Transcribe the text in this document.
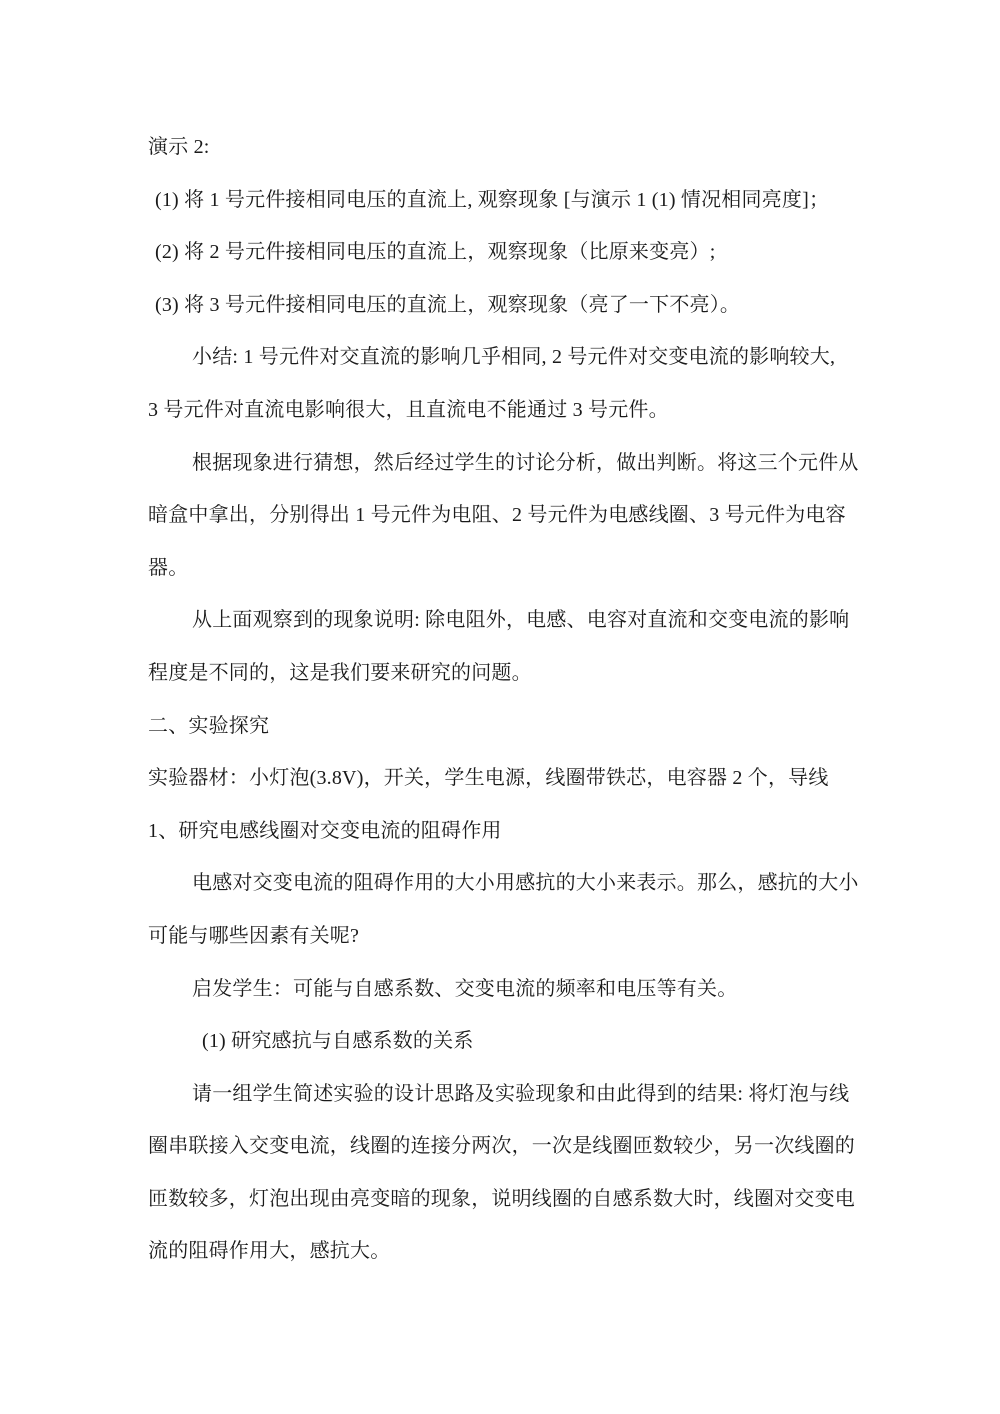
演示 2:
(1) 将 1 号元件接相同电压的直流上, 观察现象 [与演示 1 (1) 情况相同亮度]；
(2) 将 2 号元件接相同电压的直流上，观察现象（比原来变亮）;
(3) 将 3 号元件接相同电压的直流上，观察现象（亮了一下不亮）。
小结: 1 号元件对交直流的影响几乎相同, 2 号元件对交变电流的影响较大,
3 号元件对直流电影响很大，且直流电不能通过 3 号元件。
根据现象进行猜想，然后经过学生的讨论分析，做出判断。将这三个元件从
暗盒中拿出，分别得出 1 号元件为电阻、2 号元件为电感线圈、3 号元件为电容
器。
从上面观察到的现象说明: 除电阻外，电感、电容对直流和交变电流的影响
程度是不同的，这是我们要来研究的问题。
二、实验探究
实验器材：小灯泡(3.8V)，开关，学生电源，线圈带铁芯，电容器 2 个，导线
1、研究电感线圈对交变电流的阻碍作用
电感对交变电流的阻碍作用的大小用感抗的大小来表示。那么，感抗的大小
可能与哪些因素有关呢?
启发学生：可能与自感系数、交变电流的频率和电压等有关。
(1) 研究感抗与自感系数的关系
请一组学生简述实验的设计思路及实验现象和由此得到的结果: 将灯泡与线
圈串联接入交变电流，线圈的连接分两次，一次是线圈匝数较少，另一次线圈的
匝数较多，灯泡出现由亮变暗的现象，说明线圈的自感系数大时，线圈对交变电
流的阻碍作用大，感抗大。
